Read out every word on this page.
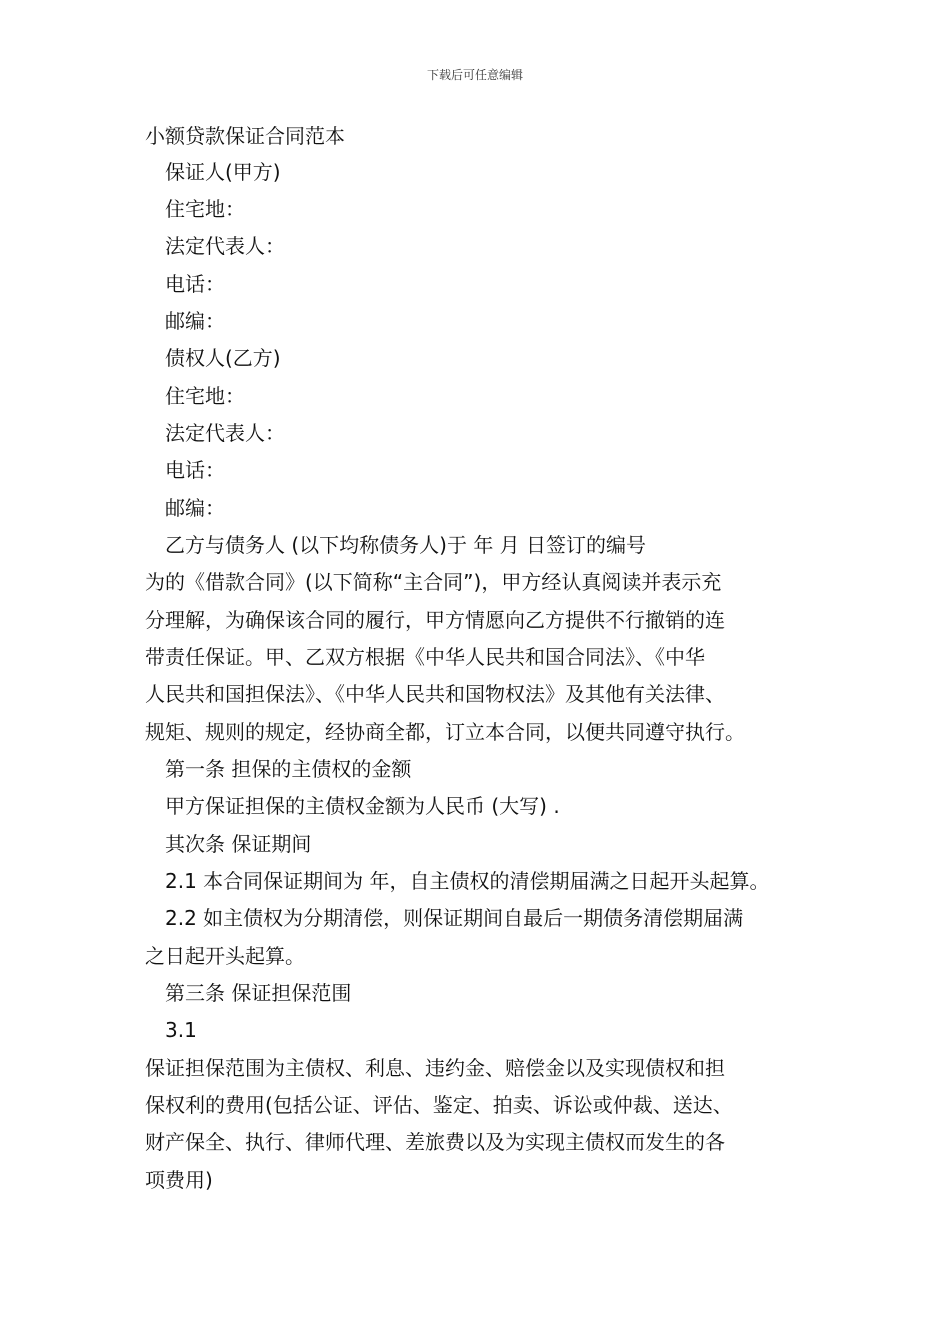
下载后可任意编辑
小额贷款保证合同范本
保证人(甲方)
住宅地：
法定代表人：
电话：
邮编：
债权人(乙方)
住宅地：
法定代表人：
电话：
邮编：
乙方与债务人 (以下均称债务人)于 年 月 日签订的编号
为的《借款合同》(以下简称“主合同”)，甲方经认真阅读并表示充
分理解，为确保该合同的履行，甲方情愿向乙方提供不行撤销的连
带责任保证。甲、乙双方根据《中华人民共和国合同法》、《中华
人民共和国担保法》、《中华人民共和国物权法》及其他有关法律、
规矩、规则的规定，经协商全都，订立本合同，以便共同遵守执行。
第一条 担保的主债权的金额
甲方保证担保的主债权金额为人民币 (大写) .
其次条 保证期间
2.1 本合同保证期间为 年，自主债权的清偿期届满之日起开头起算。
2.2 如主债权为分期清偿，则保证期间自最后一期债务清偿期届满
之日起开头起算。
第三条 保证担保范围
3.1
保证担保范围为主债权、利息、违约金、赔偿金以及实现债权和担
保权利的费用(包括公证、评估、鉴定、拍卖、诉讼或仲裁、送达、
财产保全、执行、律师代理、差旅费以及为实现主债权而发生的各
项费用)
